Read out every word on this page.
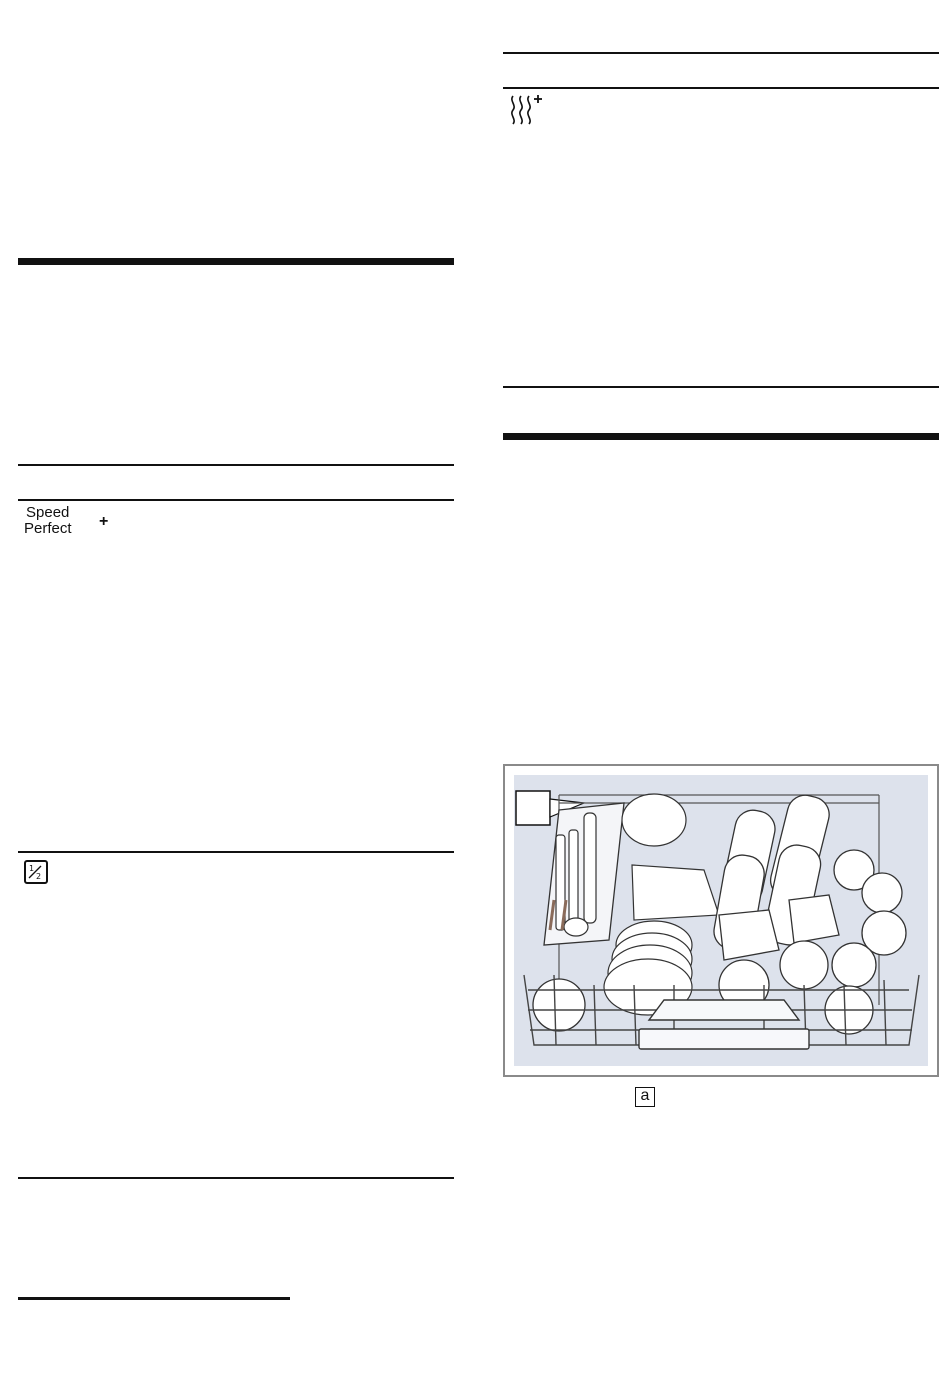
Speed
Perfect +
1
2
a
